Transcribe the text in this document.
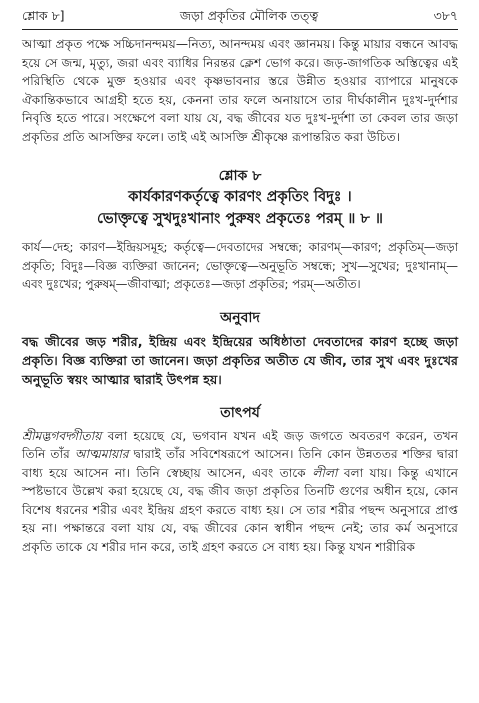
শ্লোক ৮]	জড়া প্রকৃতির মৌলিক তত্ত্ব	৩৮৭

আত্মা প্রকৃত পক্ষে সচ্চিদানন্দময়—নিত্য, আনন্দময় এবং জ্ঞানময়। কিন্তু মায়ার বন্ধনে আবদ্ধ হয়ে সে জন্ম, মৃত্যু, জরা এবং ব্যাধির নিরন্তর ক্লেশ ভোগ করে। জড়-জাগতিক অস্তিত্বের এই পরিস্থিতি থেকে মুক্ত হওয়ার এবং কৃষ্ণভাবনার স্তরে উন্নীত হওয়ার ব্যাপারে মানুষকে ঐকান্তিকভাবে আগ্রহী হতে হয়, কেননা তার ফলে অনায়াসে তার দীর্ঘকালীন দুঃখ-দুর্দশার নিবৃত্তি হতে পারে। সংক্ষেপে বলা যায় যে, বদ্ধ জীবের যত দুঃখ-দুর্দশা তা কেবল তার জড়া প্রকৃতির প্রতি আসক্তির ফলে। তাই এই আসক্তি শ্রীকৃষ্ণে রূপান্তরিত করা উচিত।

শ্লোক ৮
কার্যকারণকর্তৃত্বে কারণং প্রকৃতিং বিদুঃ ।
ভোক্তৃত্বে সুখদুঃখানাং পুরুষং প্রকৃতেঃ পরম্ ॥ ৮ ॥

কার্য—দেহ; কারণ—ইন্দ্রিয়সমূহ; কর্তৃত্বে—দেবতাদের সম্বন্ধে; কারণম্—কারণ; প্রকৃতিম্—জড়া প্রকৃতি; বিদুঃ—বিজ্ঞ ব্যক্তিরা জানেন; ভোক্তৃত্বে—অনুভূতি সম্বন্ধে; সুখ—সুখের; দুঃখানাম্—এবং দুঃখের; পুরুষম্—জীবাত্মা; প্রকৃতেঃ—জড়া প্রকৃতির; পরম্—অতীত।

অনুবাদ

বদ্ধ জীবের জড় শরীর, ইন্দ্রিয় এবং ইন্দ্রিয়ের অধিষ্ঠাতা দেবতাদের কারণ হচ্ছে জড়া প্রকৃতি। বিজ্ঞ ব্যক্তিরা তা জানেন। জড়া প্রকৃতির অতীত যে জীব, তার সুখ এবং দুঃখের অনুভূতি স্বয়ং আত্মার দ্বারাই উৎপন্ন হয়।

তাৎপর্য

শ্রীমদ্ভগবদ্গীতায় বলা হয়েছে যে, ভগবান যখন এই জড় জগতে অবতরণ করেন, তখন তিনি তাঁর আত্মমায়ার দ্বারাই তাঁর সবিশেষরূপে আসেন। তিনি কোন উন্নততর শক্তির দ্বারা বাধ্য হয়ে আসেন না। তিনি স্বেচ্ছায় আসেন, এবং তাকে লীলা বলা যায়। কিন্তু এখানে স্পষ্টভাবে উল্লেখ করা হয়েছে যে, বদ্ধ জীব জড়া প্রকৃতির তিনটি গুণের অধীন হয়ে, কোন বিশেষ ধরনের শরীর এবং ইন্দ্রিয় গ্রহণ করতে বাধ্য হয়। সে তার শরীর পছন্দ অনুসারে প্রাপ্ত হয় না। পক্ষান্তরে বলা যায় যে, বদ্ধ জীবের কোন স্বাধীন পছন্দ নেই; তার কর্ম অনুসারে প্রকৃতি তাকে যে শরীর দান করে, তাই গ্রহণ করতে সে বাধ্য হয়। কিন্তু যখন শারীরিক
